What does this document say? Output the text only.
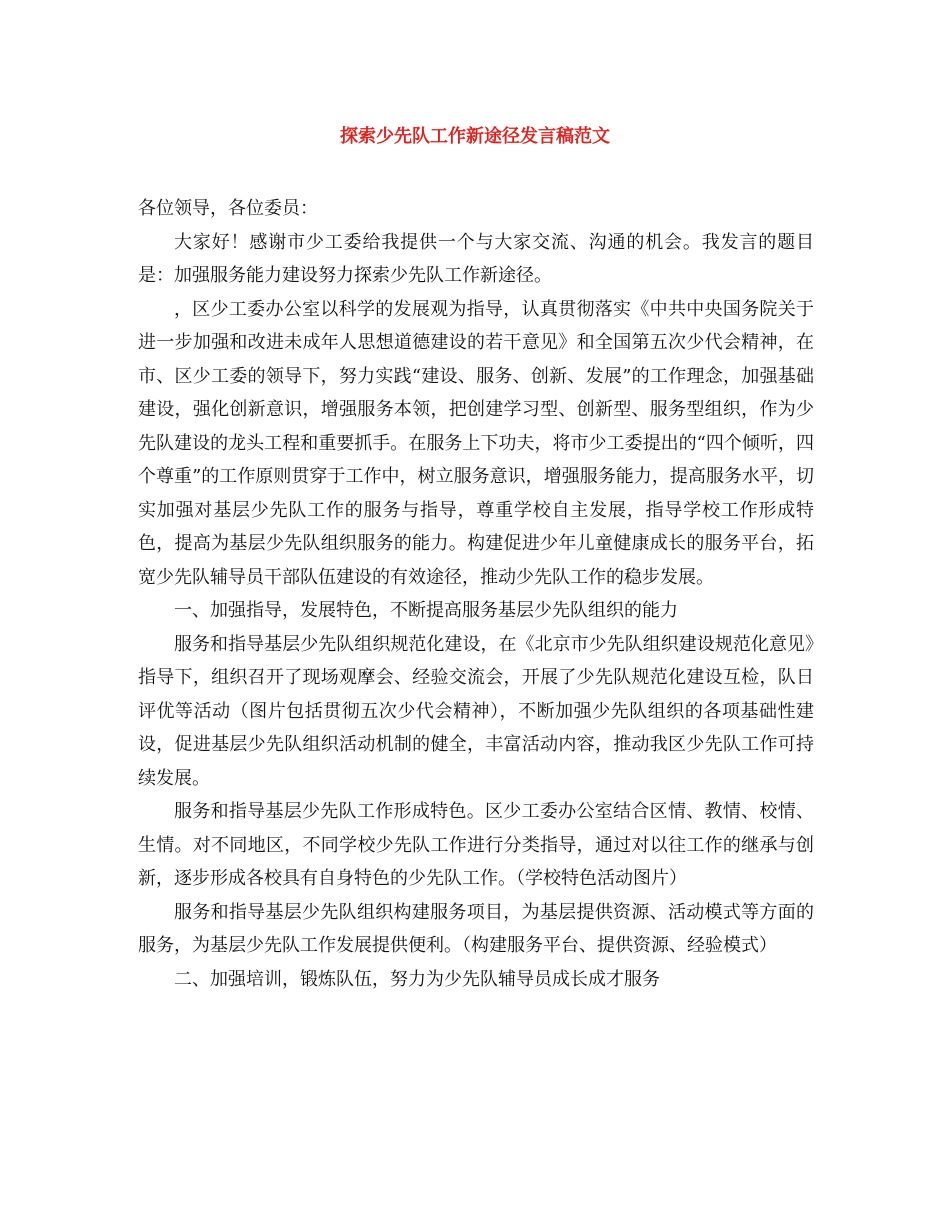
探索少先队工作新途径发言稿范文

各位领导，各位委员：

大家好！感谢市少工委给我提供一个与大家交流、沟通的机会。我发言的题目是：加强服务能力建设努力探索少先队工作新途径。

，区少工委办公室以科学的发展观为指导，认真贯彻落实《中共中央国务院关于进一步加强和改进未成年人思想道德建设的若干意见》和全国第五次少代会精神，在市、区少工委的领导下，努力实践“建设、服务、创新、发展”的工作理念，加强基础建设，强化创新意识，增强服务本领，把创建学习型、创新型、服务型组织，作为少先队建设的龙头工程和重要抓手。在服务上下功夫，将市少工委提出的“四个倾听，四个尊重”的工作原则贯穿于工作中，树立服务意识，增强服务能力，提高服务水平，切实加强对基层少先队工作的服务与指导，尊重学校自主发展，指导学校工作形成特色，提高为基层少先队组织服务的能力。构建促进少年儿童健康成长的服务平台，拓宽少先队辅导员干部队伍建设的有效途径，推动少先队工作的稳步发展。

一、加强指导，发展特色，不断提高服务基层少先队组织的能力

服务和指导基层少先队组织规范化建设，在《北京市少先队组织建设规范化意见》指导下，组织召开了现场观摩会、经验交流会，开展了少先队规范化建设互检，队日评优等活动（图片包括贯彻五次少代会精神），不断加强少先队组织的各项基础性建设，促进基层少先队组织活动机制的健全，丰富活动内容，推动我区少先队工作可持续发展。

服务和指导基层少先队工作形成特色。区少工委办公室结合区情、教情、校情、生情。对不同地区，不同学校少先队工作进行分类指导，通过对以往工作的继承与创新，逐步形成各校具有自身特色的少先队工作。（学校特色活动图片）

服务和指导基层少先队组织构建服务项目，为基层提供资源、活动模式等方面的服务，为基层少先队工作发展提供便利。（构建服务平台、提供资源、经验模式）

二、加强培训，锻炼队伍，努力为少先队辅导员成长成才服务
